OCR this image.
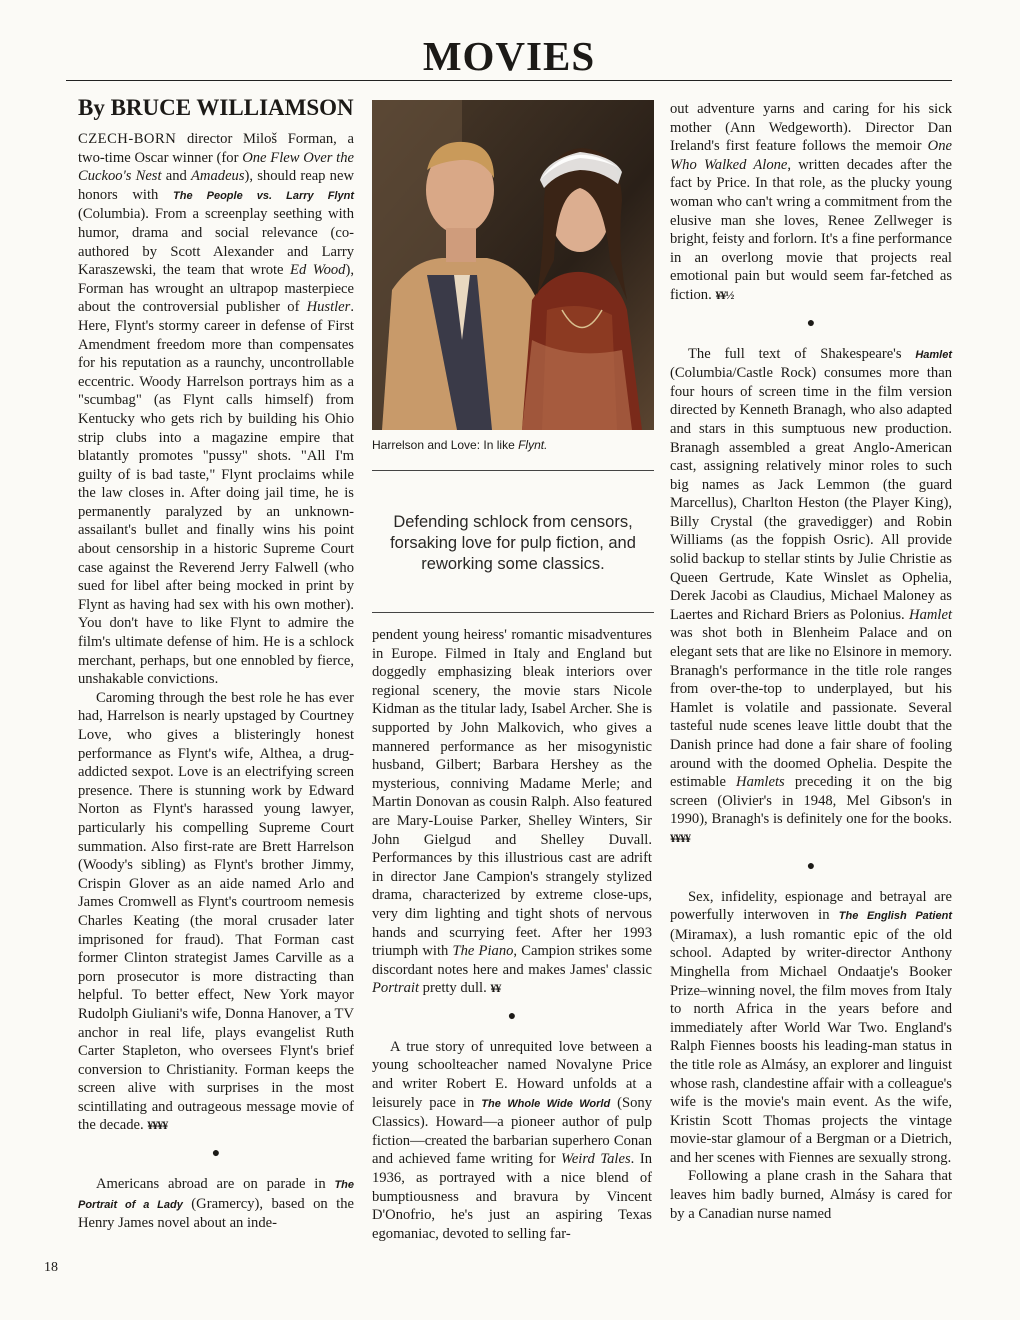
MOVIES
By BRUCE WILLIAMSON

CZECH-BORN director Miloš Forman, a two-time Oscar winner (for One Flew Over the Cuckoo's Nest and Amadeus), should reap new honors with The People vs. Larry Flynt (Columbia). From a screenplay seething with humor, drama and social relevance (co-authored by Scott Alexander and Larry Karaszewski, the team that wrote Ed Wood), Forman has wrought an ultrapop masterpiece about the controversial publisher of Hustler. Here, Flynt's stormy career in defense of First Amendment freedom more than compensates for his reputation as a raunchy, uncontrollable eccentric. Woody Harrelson portrays him as a "scumbag" (as Flynt calls himself) from Kentucky who gets rich by building his Ohio strip clubs into a magazine empire that blatantly promotes "pussy" shots. "All I'm guilty of is bad taste," Flynt proclaims while the law closes in. After doing jail time, he is permanently paralyzed by an unknown-assailant's bullet and finally wins his point about censorship in a historic Supreme Court case against the Reverend Jerry Falwell (who sued for libel after being mocked in print by Flynt as having had sex with his own mother). You don't have to like Flynt to admire the film's ultimate defense of him. He is a schlock merchant, perhaps, but one ennobled by fierce, unshakable convictions.

Caroming through the best role he has ever had, Harrelson is nearly upstaged by Courtney Love, who gives a blisteringly honest performance as Flynt's wife, Althea, a drug-addicted sexpot. Love is an electrifying screen presence. There is stunning work by Edward Norton as Flynt's harassed young lawyer, particularly his compelling Supreme Court summation. Also first-rate are Brett Harrelson (Woody's sibling) as Flynt's brother Jimmy, Crispin Glover as an aide named Arlo and James Cromwell as Flynt's courtroom nemesis Charles Keating (the moral crusader later imprisoned for fraud). That Forman cast former Clinton strategist James Carville as a porn prosecutor is more distracting than helpful. To better effect, New York mayor Rudolph Giuliani's wife, Donna Hanover, a TV anchor in real life, plays evangelist Ruth Carter Stapleton, who oversees Flynt's brief conversion to Christianity. Forman keeps the screen alive with surprises in the most scintillating and outrageous message movie of the decade. ¥¥¥¥

●

Americans abroad are on parade in The Portrait of a Lady (Gramercy), based on the Henry James novel about an inde-

Harrelson and Love: In like Flynt.
Defending schlock from censors, forsaking love for pulp fiction, and reworking some classics.

pendent young heiress' romantic misadventures in Europe. Filmed in Italy and England but doggedly emphasizing bleak interiors over regional scenery, the movie stars Nicole Kidman as the titular lady, Isabel Archer. She is supported by John Malkovich, who gives a mannered performance as her misogynistic husband, Gilbert; Barbara Hershey as the mysterious, conniving Madame Merle; and Martin Donovan as cousin Ralph. Also featured are Mary-Louise Parker, Shelley Winters, Sir John Gielgud and Shelley Duvall. Performances by this illustrious cast are adrift in director Jane Campion's strangely stylized drama, characterized by extreme close-ups, very dim lighting and tight shots of nervous hands and scurrying feet. After her 1993 triumph with The Piano, Campion strikes some discordant notes here and makes James' classic Portrait pretty dull. ¥¥

●

A true story of unrequited love between a young schoolteacher named Novalyne Price and writer Robert E. Howard unfolds at a leisurely pace in The Whole Wide World (Sony Classics). Howard—a pioneer author of pulp fiction—created the barbarian superhero Conan and achieved fame writing for Weird Tales. In 1936, as portrayed with a nice blend of bumptiousness and bravura by Vincent D'Onofrio, he's just an aspiring Texas egomaniac, devoted to selling far-

out adventure yarns and caring for his sick mother (Ann Wedgeworth). Director Dan Ireland's first feature follows the memoir One Who Walked Alone, written decades after the fact by Price. In that role, as the plucky young woman who can't wring a commitment from the elusive man she loves, Renee Zellweger is bright, feisty and forlorn. It's a fine performance in an overlong movie that projects real emotional pain but would seem far-fetched as fiction. ¥¥½

●

The full text of Shakespeare's Hamlet (Columbia/Castle Rock) consumes more than four hours of screen time in the film version directed by Kenneth Branagh, who also adapted and stars in this sumptuous new production. Branagh assembled a great Anglo-American cast, assigning relatively minor roles to such big names as Jack Lemmon (the guard Marcellus), Charlton Heston (the Player King), Billy Crystal (the gravedigger) and Robin Williams (as the foppish Osric). All provide solid backup to stellar stints by Julie Christie as Queen Gertrude, Kate Winslet as Ophelia, Derek Jacobi as Claudius, Michael Maloney as Laertes and Richard Briers as Polonius. Hamlet was shot both in Blenheim Palace and on elegant sets that are like no Elsinore in memory. Branagh's performance in the title role ranges from over-the-top to underplayed, but his Hamlet is volatile and passionate. Several tasteful nude scenes leave little doubt that the Danish prince had done a fair share of fooling around with the doomed Ophelia. Despite the estimable Hamlets preceding it on the big screen (Olivier's in 1948, Mel Gibson's in 1990), Branagh's is definitely one for the books. ¥¥¥¥

●

Sex, infidelity, espionage and betrayal are powerfully interwoven in The English Patient (Miramax), a lush romantic epic of the old school. Adapted by writer-director Anthony Minghella from Michael Ondaatje's Booker Prize–winning novel, the film moves from Italy to north Africa in the years before and immediately after World War Two. England's Ralph Fiennes boosts his leading-man status in the title role as Almásy, an explorer and linguist whose rash, clandestine affair with a colleague's wife is the movie's main event. As the wife, Kristin Scott Thomas projects the vintage movie-star glamour of a Bergman or a Dietrich, and her scenes with Fiennes are sexually strong.

Following a plane crash in the Sahara that leaves him badly burned, Almásy is cared for by a Canadian nurse named

18
